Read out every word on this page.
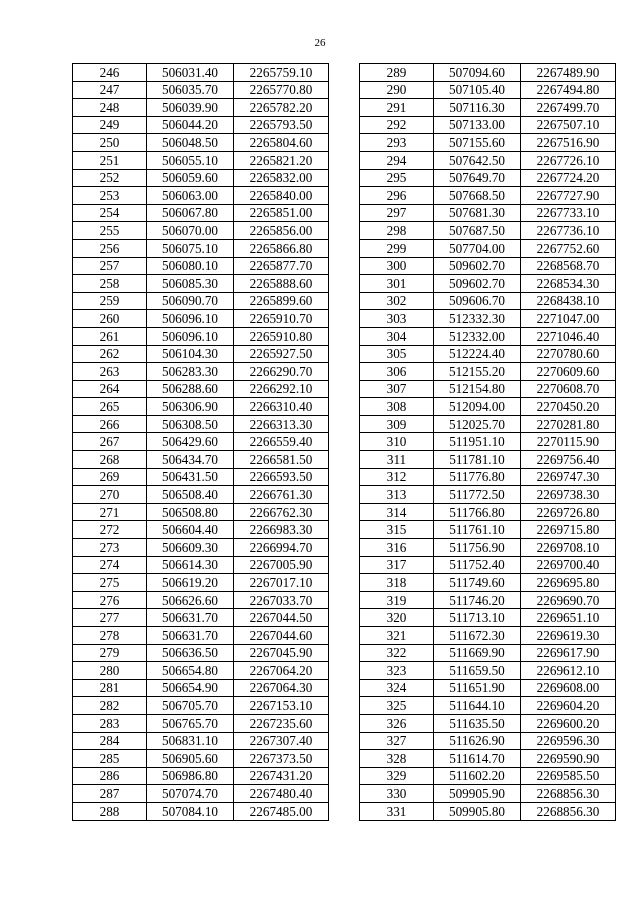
26
246	506031.40	2265759.10
247	506035.70	2265770.80
248	506039.90	2265782.20
249	506044.20	2265793.50
250	506048.50	2265804.60
251	506055.10	2265821.20
252	506059.60	2265832.00
253	506063.00	2265840.00
254	506067.80	2265851.00
255	506070.00	2265856.00
256	506075.10	2265866.80
257	506080.10	2265877.70
258	506085.30	2265888.60
259	506090.70	2265899.60
260	506096.10	2265910.70
261	506096.10	2265910.80
262	506104.30	2265927.50
263	506283.30	2266290.70
264	506288.60	2266292.10
265	506306.90	2266310.40
266	506308.50	2266313.30
267	506429.60	2266559.40
268	506434.70	2266581.50
269	506431.50	2266593.50
270	506508.40	2266761.30
271	506508.80	2266762.30
272	506604.40	2266983.30
273	506609.30	2266994.70
274	506614.30	2267005.90
275	506619.20	2267017.10
276	506626.60	2267033.70
277	506631.70	2267044.50
278	506631.70	2267044.60
279	506636.50	2267045.90
280	506654.80	2267064.20
281	506654.90	2267064.30
282	506705.70	2267153.10
283	506765.70	2267235.60
284	506831.10	2267307.40
285	506905.60	2267373.50
286	506986.80	2267431.20
287	507074.70	2267480.40
288	507084.10	2267485.00
289	507094.60	2267489.90
290	507105.40	2267494.80
291	507116.30	2267499.70
292	507133.00	2267507.10
293	507155.60	2267516.90
294	507642.50	2267726.10
295	507649.70	2267724.20
296	507668.50	2267727.90
297	507681.30	2267733.10
298	507687.50	2267736.10
299	507704.00	2267752.60
300	509602.70	2268568.70
301	509602.70	2268534.30
302	509606.70	2268438.10
303	512332.30	2271047.00
304	512332.00	2271046.40
305	512224.40	2270780.60
306	512155.20	2270609.60
307	512154.80	2270608.70
308	512094.00	2270450.20
309	512025.70	2270281.80
310	511951.10	2270115.90
311	511781.10	2269756.40
312	511776.80	2269747.30
313	511772.50	2269738.30
314	511766.80	2269726.80
315	511761.10	2269715.80
316	511756.90	2269708.10
317	511752.40	2269700.40
318	511749.60	2269695.80
319	511746.20	2269690.70
320	511713.10	2269651.10
321	511672.30	2269619.30
322	511669.90	2269617.90
323	511659.50	2269612.10
324	511651.90	2269608.00
325	511644.10	2269604.20
326	511635.50	2269600.20
327	511626.90	2269596.30
328	511614.70	2269590.90
329	511602.20	2269585.50
330	509905.90	2268856.30
331	509905.80	2268856.30
